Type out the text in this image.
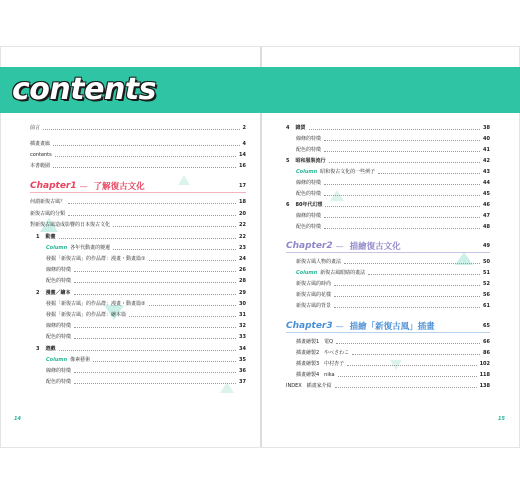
contents
前言	2
插畫畫廊	4
contents	14
本書範圍	16
Chapter1 — 了解復古文化	17
何謂新復古風？	18
新復古風的分類	20
對新復古風造成影響的日本復古文化	22
1 動畫	22
Column 各年代動畫的變遷	23
發掘「新復古風」的作品群：漫畫・動畫篇①	24
線條的特徵	26
配色的特徵	28
2 漫畫／繪本	29
發掘「新復古風」的作品群：漫畫・動畫篇②	30
發掘「新復古風」的作品群：繪本篇	31
線條的特徵	32
配色的特徵	33
3 遊戲	34
Column 像素藝術	35
線條的特徵	36
配色的特徵	37
4 雜貨	38
線條的特徵	40
配色的特徵	41
5 昭和服裝流行	42
Column 昭和復古文化的一些例子	43
線條的特徵	44
配色的特徵	45
6 80年代幻想	46
線條的特徵	47
配色的特徵	48
Chapter2 — 描繪復古文化	49
新復古風人物的畫法	50
Column 新復古風眼睛的畫法	51
新復古風的時尚	52
新復古風的花樣	56
新復古風的背景	61
Chapter3 — 描繪「新復古風」插畫	65
插畫繪製1　電Q	66
插畫繪製2　やべさわこ	86
插畫繪製3　中村杏子	102
插畫繪製4　nika	118
INDEX　插畫家介紹	138
14	15
